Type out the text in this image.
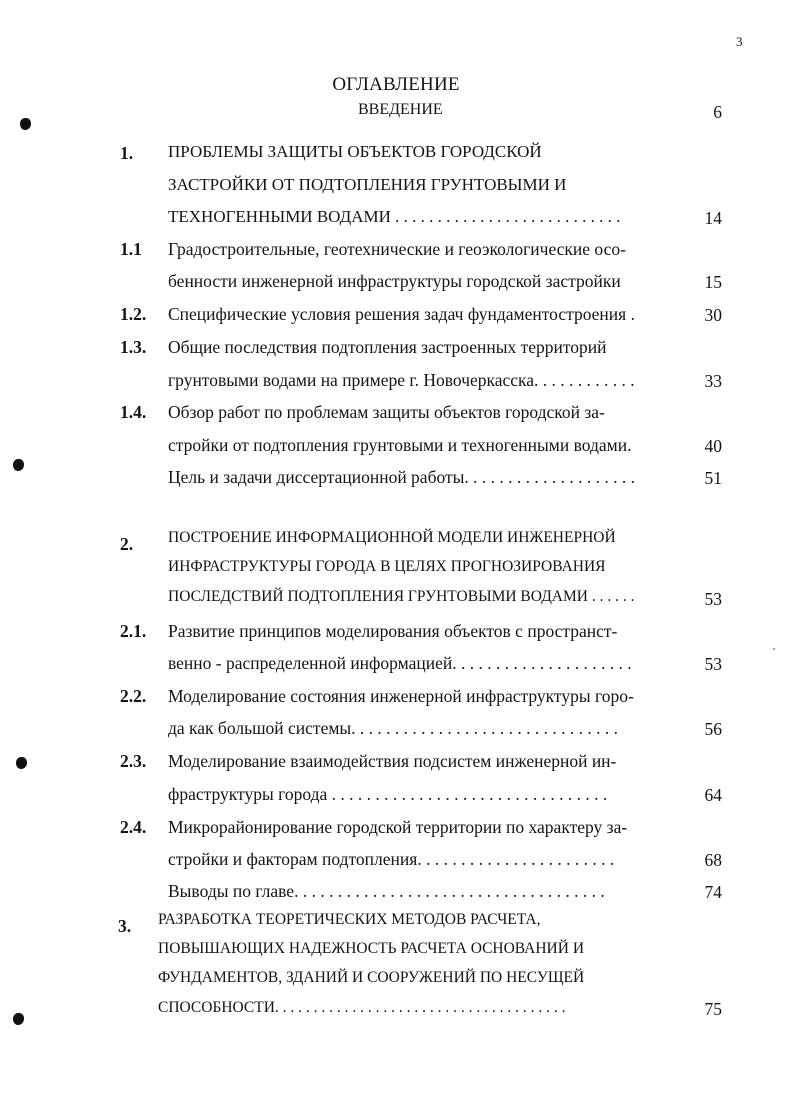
3
ОГЛАВЛЕНИЕ
ВВЕДЕНИЕ	6
1. ПРОБЛЕМЫ ЗАЩИТЫ ОБЪЕКТОВ ГОРОДСКОЙ
ЗАСТРОЙКИ ОТ ПОДТОПЛЕНИЯ ГРУНТОВЫМИ И
ТЕХНОГЕННЫМИ ВОДАМИ . . . . . . . . . . . . . . . . . . . . . . . . . . .	14
1.1 Градостроительные, геотехнические и геоэкологические осо-
бенности инженерной инфраструктуры городской застройки	15
1.2. Специфические условия решения задач фундаментостроения .	30
1.3. Общие последствия подтопления застроенных территорий
грунтовыми водами на примере г. Новочеркасска. . . . . . . . . . . .	33
1.4. Обзор работ по проблемам защиты объектов городской за-
стройки от подтопления грунтовыми и техногенными водами.	40
Цель и задачи диссертационной работы. . . . . . . . . . . . . . . . . . . .	51
2. ПОСТРОЕНИЕ ИНФОРМАЦИОННОЙ МОДЕЛИ ИНЖЕНЕРНОЙ
ИНФРАСТРУКТУРЫ ГОРОДА В ЦЕЛЯХ ПРОГНОЗИРОВАНИЯ
ПОСЛЕДСТВИЙ ПОДТОПЛЕНИЯ ГРУНТОВЫМИ ВОДАМИ . . . . . .	53
2.1. Развитие принципов моделирования объектов с пространст-
венно - распределенной информацией. . . . . . . . . . . . . . . . . . . . .	53
2.2. Моделирование состояния инженерной инфраструктуры горо-
да как большой системы. . . . . . . . . . . . . . . . . . . . . . . . . . . . . . .	56
2.3. Моделирование взаимодействия подсистем инженерной ин-
фраструктуры города . . . . . . . . . . . . . . . . . . . . . . . . . . . . . . . .	64
2.4. Микрорайонирование городской территории по характеру за-
стройки и факторам подтопления. . . . . . . . . . . . . . . . . . . . . . .	68
Выводы по главе. . . . . . . . . . . . . . . . . . . . . . . . . . . . . . . . . . . .	74
3. РАЗРАБОТКА ТЕОРЕТИЧЕСКИХ МЕТОДОВ РАСЧЕТА,
ПОВЫШАЮЩИХ НАДЕЖНОСТЬ РАСЧЕТА ОСНОВАНИЙ И
ФУНДАМЕНТОВ, ЗДАНИЙ И СООРУЖЕНИЙ ПО НЕСУЩЕЙ
СПОСОБНОСТИ. . . . . . . . . . . . . . . . . . . . . . . . . . . . . . . . . . . . . .	75
